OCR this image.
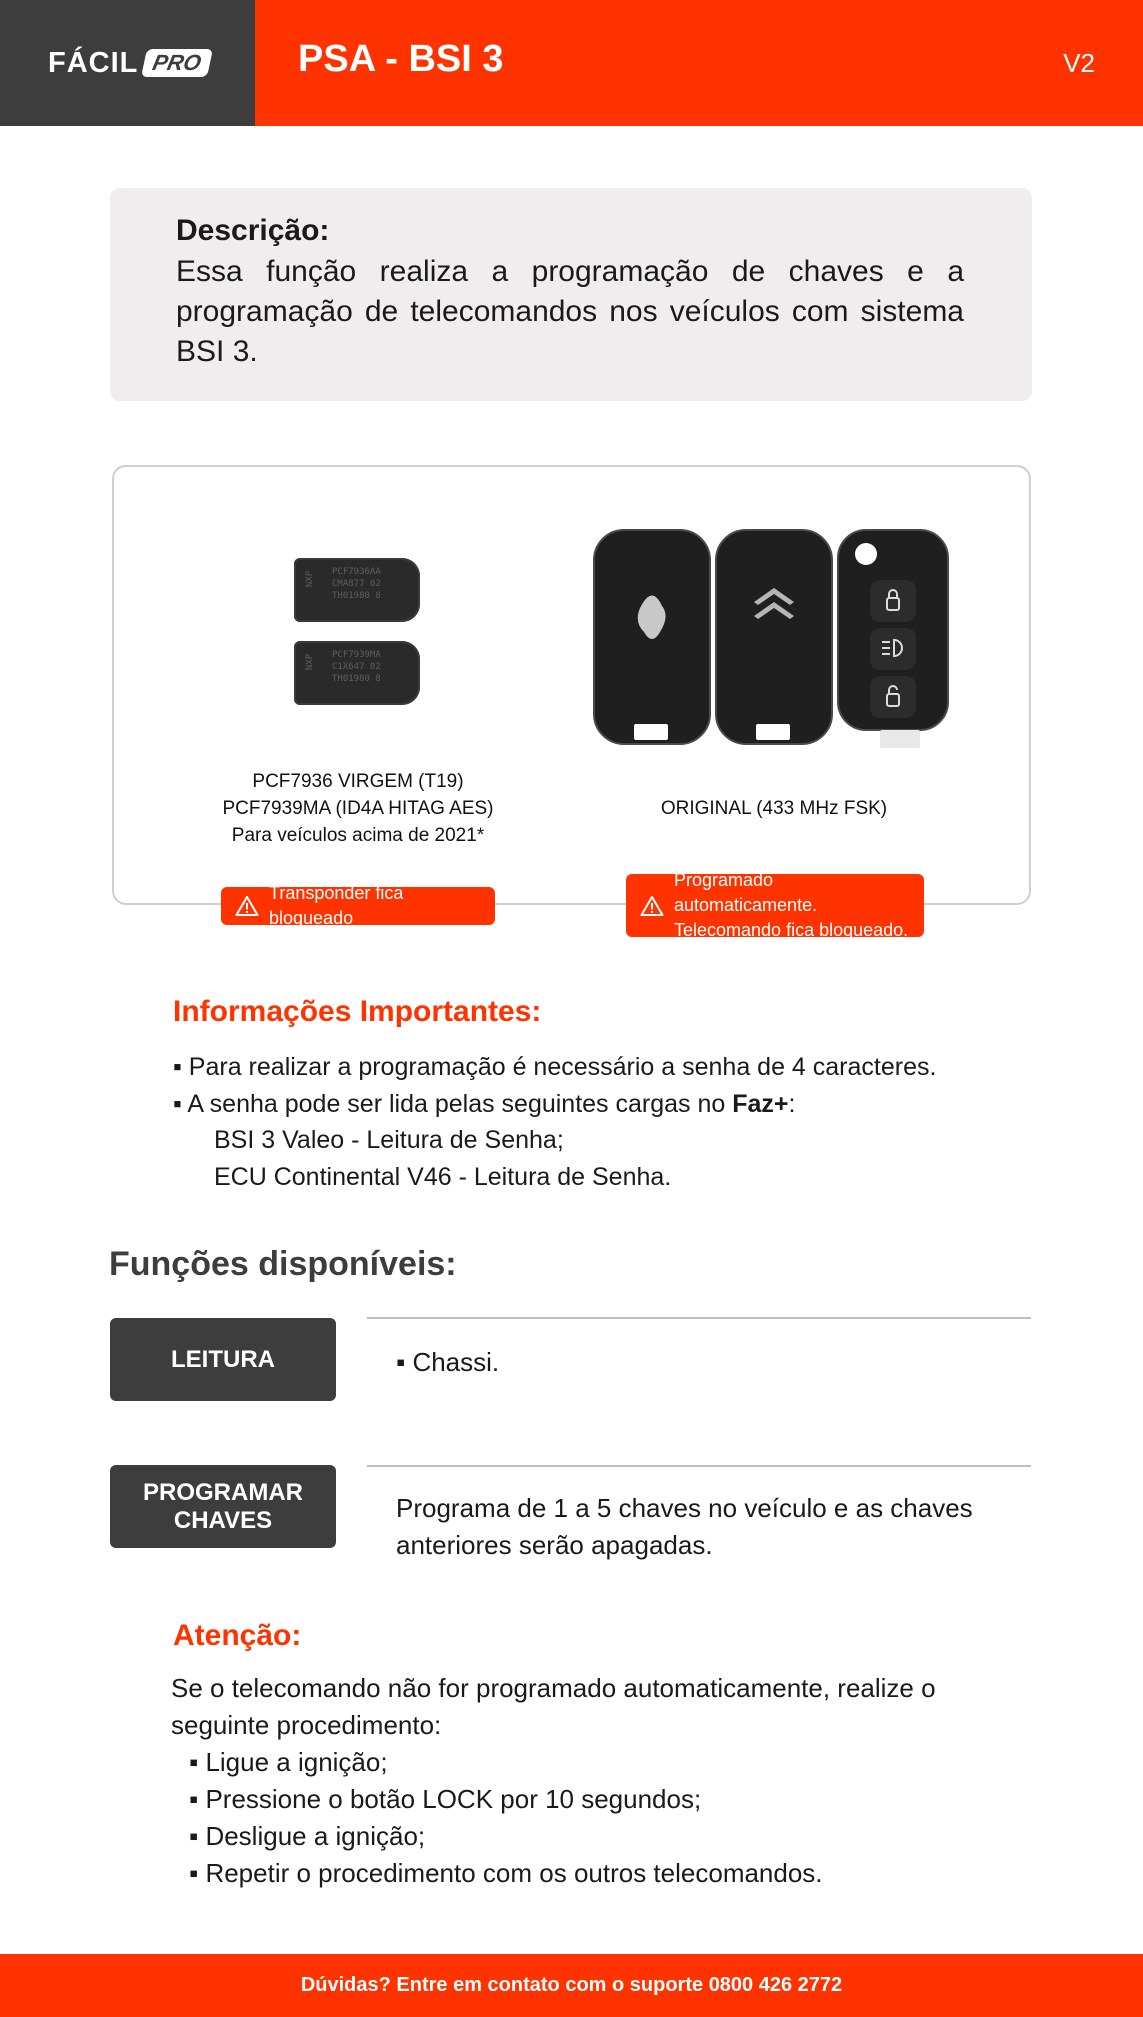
FÁCIL PRO PSA - BSI 3	V2
Descrição:
Essa função realiza a programação de chaves e a programação de telecomandos nos veículos com sistema BSI 3.
NXP PCF7936AA
CMA877 02
TH01980 8
NXP PCF7939MA
C1X647 02
TH01980 8
PCF7936 VIRGEM (T19)
PCF7939MA (ID4A HITAG AES)
Para veículos acima de 2021*
ORIGINAL (433 MHz FSK)
Transponder fica bloqueado
Programado automaticamente.
Telecomando fica bloqueado.
Informações Importantes:
▪ Para realizar a programação é necessário a senha de 4 caracteres.
▪ A senha pode ser lida pelas seguintes cargas no Faz+:
BSI 3 Valeo - Leitura de Senha;
ECU Continental V46 - Leitura de Senha.
Funções disponíveis:
LEITURA	▪ Chassi.
PROGRAMAR
CHAVES	Programa de 1 a 5 chaves no veículo e as chaves
anteriores serão apagadas.
Atenção:
Se o telecomando não for programado automaticamente, realize o
seguinte procedimento:
▪ Ligue a ignição;
▪ Pressione o botão LOCK por 10 segundos;
▪ Desligue a ignição;
▪ Repetir o procedimento com os outros telecomandos.
Dúvidas? Entre em contato com o suporte
0800 426 2772
